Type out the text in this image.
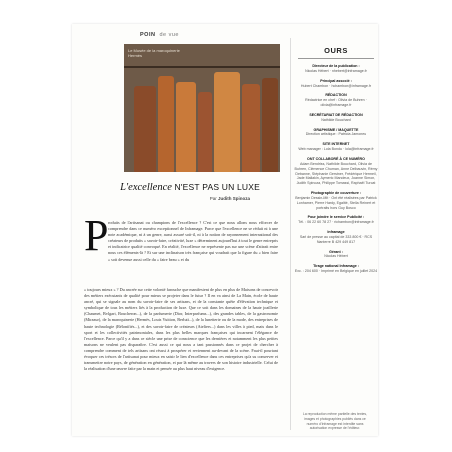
POIN de vue
Le Musée de la maroquinerie Hermès
L'excellence N'EST PAS UN LUXE
Par Judith Spinoza
P roduits de l'artisanat ou champions de l'excellence ? C'est ce que nous allons nous efforcer de comprendre dans ce numéro exceptionnel de Inframage. Parce que l'excellence ne se réduit ni à une note académique, ni à un genre, aussi assuré soit-il, ni à la notion de rayonnement international des créateurs de produits « savoir-faire, créativité, luxe » déterminent aujourd'hui à tout le genre entrepris et indicatrice qualité convoqué. En réalité, l'excellence ne représente pas sur une scène d'attrait entre nous ces éléments-là ? Et sur une inclinaison très française qui voudrait que la figure du « bien faire » soit devenue aussi celle du « faire beau » et du
« toujours mieux » ? Du ancrée sur cette volonté farouche que manifestent de plus en plus de Maisons de concevoir des métiers exécutants de qualité pour mieux se projeter dans le futur ? Il en va ainsi de La Main, école de haute ancré, qui se signale au nom du savoir-faire de ses artisans, et de la constante quête d'élévation technique et symbolique de tous les métiers liés à la production de luxe. Que ce soit dans les domaines de la haute joaillerie (Chaumet, Bvlgari, Boucheron...), de la parfumerie (Dior, Interparfums...), des grandes tables, de la gastronomie (Mirazur), de la maroquinerie (Hermès, Louis Vuitton, Berluti...), de la lunetterie ou de la mode, des entreprises de haute technologie (Rélonifiés...), et des savoir-faire de créateurs (Ateliers...) dans les villes à pied, mais dans le sport et les collectivités patrimoniales, dans les plus belles marques françaises qui incarnent l'élégance de l'excellence. Parce qu'il y a dans ce siècle une prise de conscience que les dernières et notamment les plus petites maisons ne veulent pas disparaître. C'est aussi ce qui nous a tant passionnés dans ce projet de chercher à comprendre comment de tels artisans ont réussi à prospérer et reviennent au-devant de la scène. Faut-il pourtant évoquer ces trésors de l'artisanat pour mieux en saisir le lien d'excellence dans ces entreprises qu'a su conserver et transmettre notre pays, de génération en génération, et par là même au travers de son histoire industrielle. Celui de la réalisation d'une œuvre faite par la main et pensée au plus haut niveau d'exigence.
OURS
Directeur de la publication :
Nicolas Hébert · nhebert@inframage.fr
Principal associé :
Hubert Chambon · hchambon@inframage.fr
RÉDACTION
Rédactrice en chef : Olivia de Buhren · olivia@inframage.fr
SECRÉTARIAT DE RÉDACTION
Nathilde Bouchard
GRAPHISME / MAQUETTE
Direction artistique : Patricia Jamoneu
SITE INTERNET
Web manager : Lola Bondu · lola@inframage.fr
ONT COLLABORÉ À CE NUMÉRO
Adam Bendriss, Nathilde Bouchard, Olivia de Buhren, Clémence Chuman, Anne Delbauvin, Rémy Debanne, Stéphanie Gerstner, Frédérique Hermeil, Jade Mallakin, Aymeric Mandeux, Joanne Simon, Judith Spinoza, Philippe Tomassi, Raphaël Turcat
Photographie de couverture :
Benjamin Dessin-Mit · Ont été réalisées par Patrick Lonhamer, Pierre Hardy, Egalité, Stella Reinert et portraits hors Guy Bosco
Pour joindre le service Publicité :
Tél. : 06 22 60 78 27 · richambon@inframage.fr
Inframage
Sarl de presse au capital de 333 800 € · RCS Nanterre B 429 449 817
Gérant :
Nicolas Hébert
Tirage national Inframage :
Exc. : 204 600 · Imprimé en Belgique en juillet 2024
La reproduction même partielle des textes, images et photographies publiés dans ce numéro d'Inframage est interdite sans autorisation expresse de l'éditeur.
